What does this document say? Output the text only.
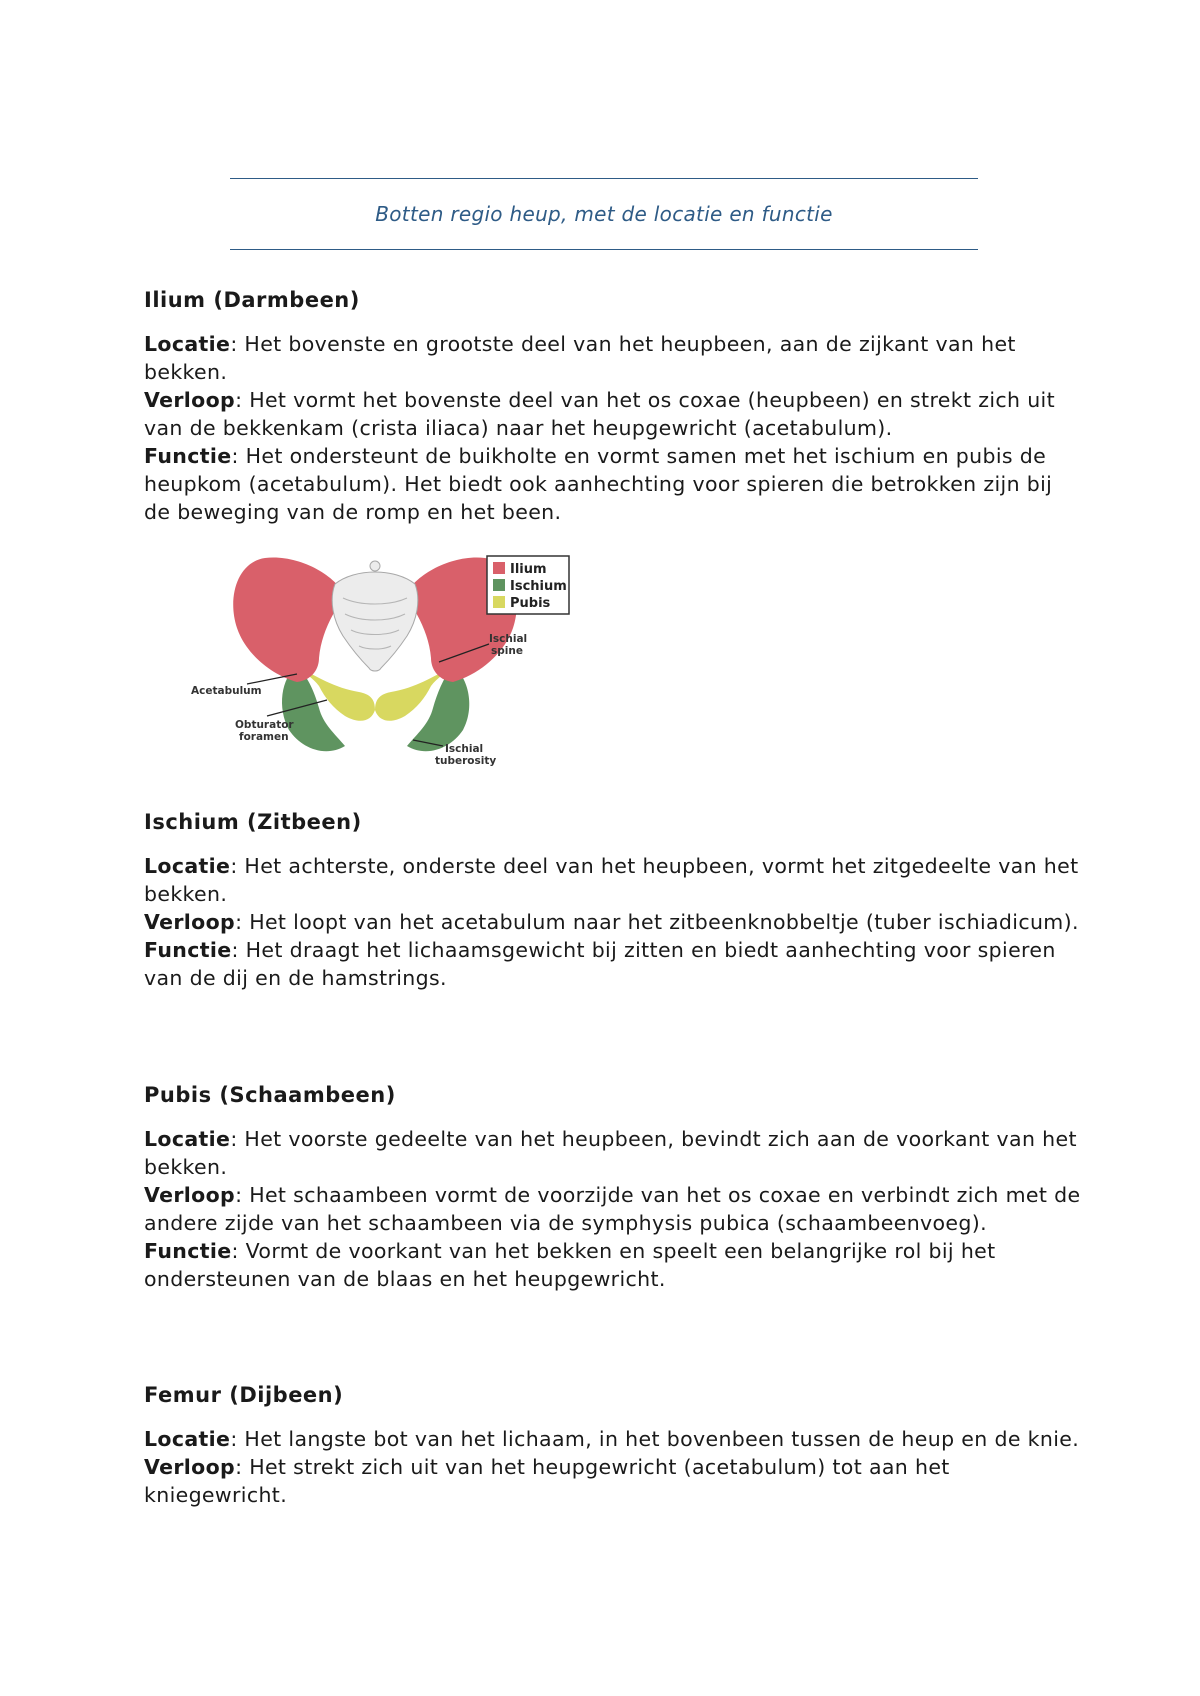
Botten regio heup, met de locatie en functie
Ilium (Darmbeen)

Locatie: Het bovenste en grootste deel van het heupbeen, aan de zijkant van het bekken.

Verloop: Het vormt het bovenste deel van het os coxae (heupbeen) en strekt zich uit van de bekkenkam (crista iliaca) naar het heupgewricht (acetabulum).

Functie: Het ondersteunt de buikholte en vormt samen met het ischium en pubis de heupkom (acetabulum). Het biedt ook aanhechting voor spieren die betrokken zijn bij de beweging van de romp en het been.

Ilium
Ischium
Pubis
Ischial
spine
Acetabulum
Obturator
foramen
Ischial
tuberosity
Ischium (Zitbeen)

Locatie: Het achterste, onderste deel van het heupbeen, vormt het zitgedeelte van het bekken.

Verloop: Het loopt van het acetabulum naar het zitbeenknobbeltje (tuber ischiadicum).

Functie: Het draagt het lichaamsgewicht bij zitten en biedt aanhechting voor spieren van de dij en de hamstrings.

Pubis (Schaambeen)

Locatie: Het voorste gedeelte van het heupbeen, bevindt zich aan de voorkant van het bekken.

Verloop: Het schaambeen vormt de voorzijde van het os coxae en verbindt zich met de andere zijde van het schaambeen via de symphysis pubica (schaambeenvoeg).

Functie: Vormt de voorkant van het bekken en speelt een belangrijke rol bij het ondersteunen van de blaas en het heupgewricht.

Femur (Dijbeen)

Locatie: Het langste bot van het lichaam, in het bovenbeen tussen de heup en de knie.

Verloop: Het strekt zich uit van het heupgewricht (acetabulum) tot aan het kniegewricht.
